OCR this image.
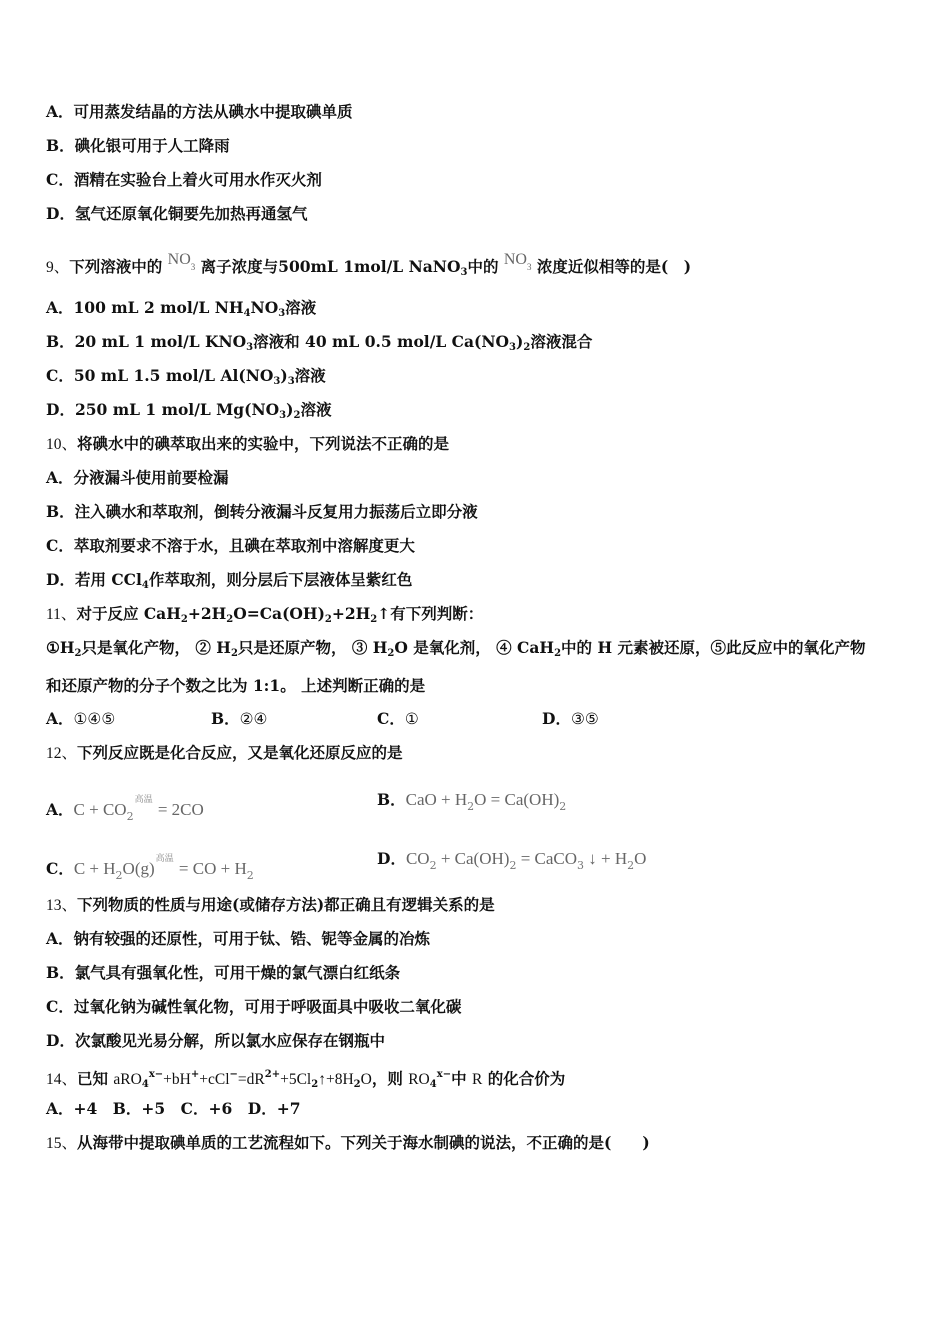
A．可用蒸发结晶的方法从碘水中提取碘单质
B．碘化银可用于人工降雨
C．酒精在实验台上着火可用水作灭火剂
D．氢气还原氧化铜要先加热再通氢气
9、下列溶液中的 NO3 离子浓度与500mL 1mol/L NaNO$_3$中的 NO3 浓度近似相等的是(　)
A．100 mL 2 mol/L $NH_4NO_3$溶液
B．20 mL 1 mol/L $KNO_3$溶液和 40 mL 0.5 mol/L $Ca(NO_3)_2$溶液混合
C．50 mL 1.5 mol/L $Al(NO_3)_3$溶液
D．250 mL 1 mol/L $Mg(NO_3)_2$溶液
10、将碘水中的碘萃取出来的实验中，下列说法不正确的是
A．分液漏斗使用前要检漏
B．注入碘水和萃取剂，倒转分液漏斗反复用力振荡后立即分液
C．萃取剂要求不溶于水，且碘在萃取剂中溶解度更大
D．若用 CCl$_4$作萃取剂，则分层后下层液体呈紫红色
11、对于反应 $CaH_2+2H_2O=Ca(OH)_2+2H_2↑$有下列判断：
$①H_2$只是氧化产物， ② $H_2$只是还原产物， ③ $H_2O$ 是氧化剂， ④ CaH$_2$中的 H 元素被还原，⑤此反应中的氧化产物
和还原产物的分子个数之比为 1:1。 上述判断正确的是
A．①④⑤	B．②④	C．①	D．③⑤
12、下列反应既是化合反应，又是氧化还原反应的是
A．$C + CO_2^{高温} = 2CO$
B．CaO + $H_2O = Ca(OH)_2$
C．$C + H_2O(g)^{高温}$ = CO + $H_2$
D．$CO_2 + Ca(OH)_2$ = CaCO$_3$ ↓ + $H_2O$
13、下列物质的性质与用途(或储存方法)都正确且有逻辑关系的是
A．钠有较强的还原性，可用于钛、锆、铌等金属的冶炼
B．氯气具有强氧化性，可用干燥的氯气漂白红纸条
C．过氧化钠为碱性氧化物，可用于呼吸面具中吸收二氧化碳
D．次氯酸见光易分解，所以氯水应保存在钢瓶中
14、已知 $aRO_4^{x-}+bH^++cCl^-=dR^{2+}+5Cl_2↑+8H_2O$，则 $RO_4^{x-}$中 R 的化合价为
A．+4　B．+5　C．+6　D．+7
15、从海带中提取碘单质的工艺流程如下。下列关于海水制碘的说法，不正确的是(　　)
